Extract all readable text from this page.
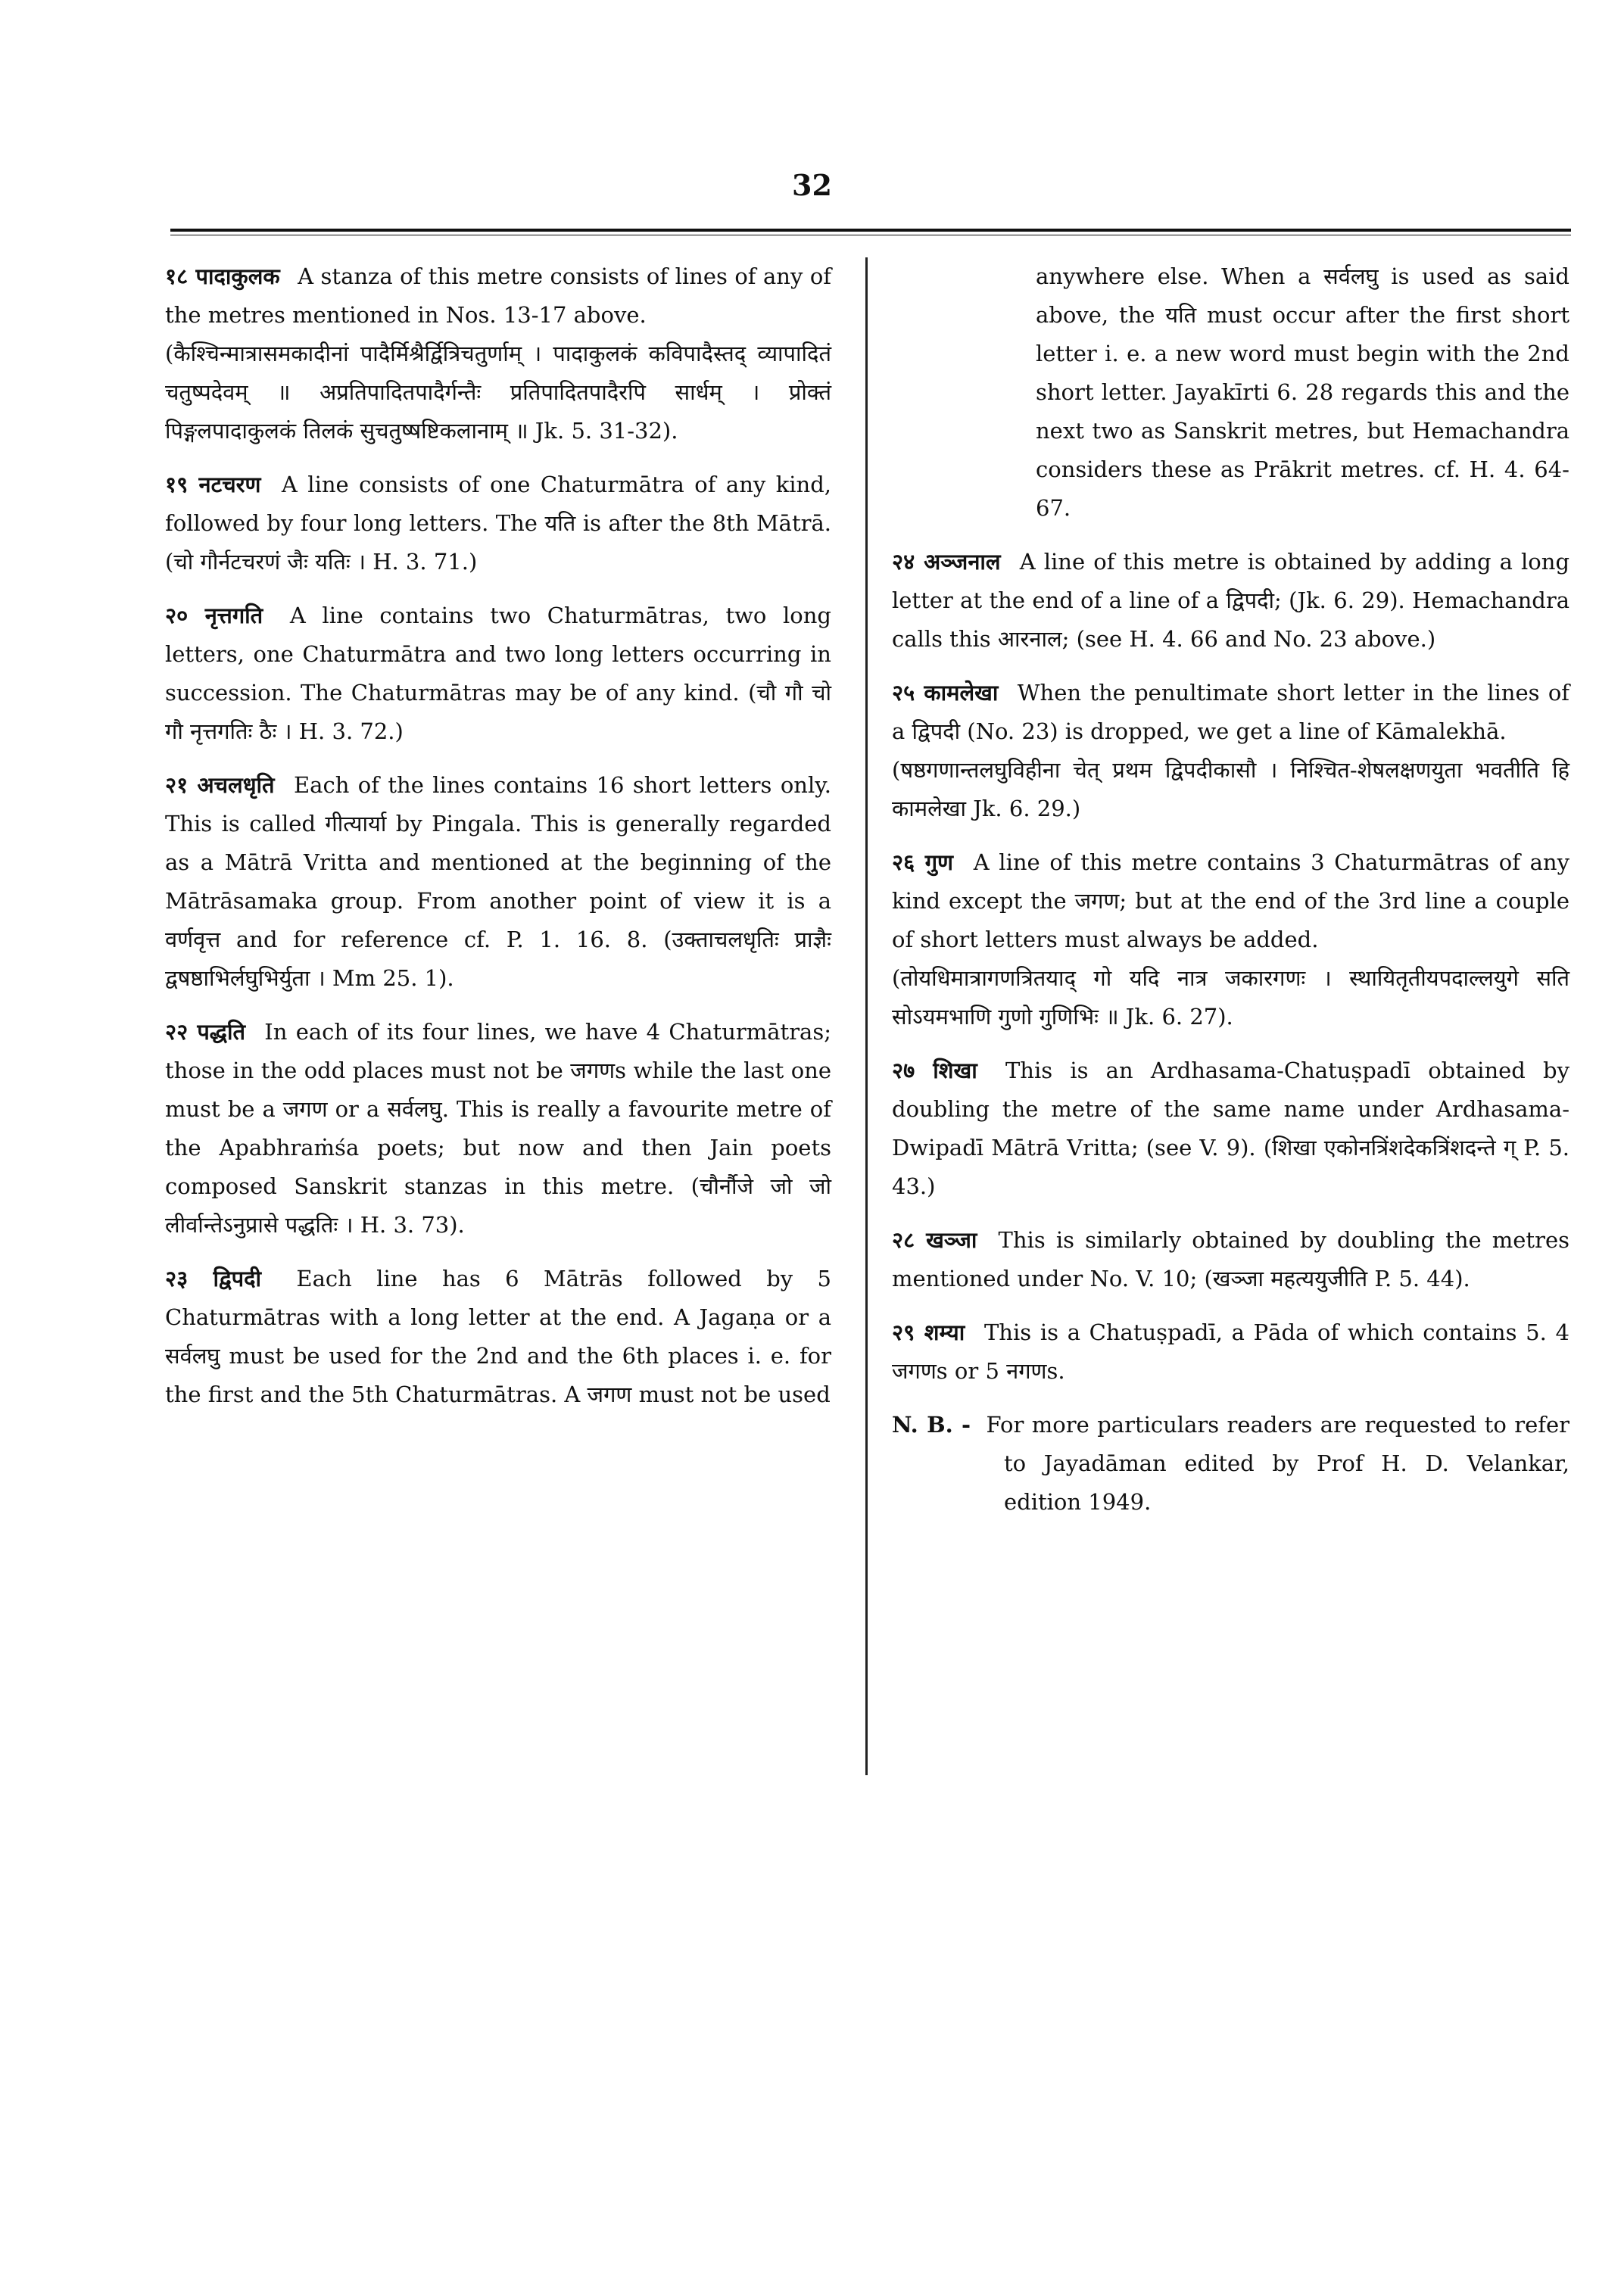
32
१८ पादाकुलक A stanza of this metre consists of lines of any of the metres mentioned in Nos. 13-17 above.
(कैश्चिन्मात्रासमकादीनां पादैर्मिश्रैर्द्वित्रिचतुर्णाम् । पादाकुलकं कविपादैस्तद् व्यापादितं चतुष्पदेवम् ॥ अप्रतिपादितपादैर्गन्तैः प्रतिपादितपादैरपि सार्धम् । प्रोक्तं पिङ्गलपादाकुलकं तिलकं सुचतुष्षष्टिकलानाम् ॥ Jk. 5. 31-32).
१९ नटचरण A line consists of one Chaturmātra of any kind, followed by four long letters. The यति is after the 8th Mātrā. (चो गौर्नटचरणं जैः यतिः । H. 3. 71.)
२० नृत्तगति A line contains two Chaturmātras, two long letters, one Chaturmātra and two long letters occurring in succession. The Chaturmātras may be of any kind. (चौ गौ चो गौ नृत्तगतिः ठैः । H. 3. 72.)
२१ अचलधृति Each of the lines contains 16 short letters only. This is called गीत्यार्या by Pingala. This is generally regarded as a Mātrā Vritta and mentioned at the beginning of the Mātrāsamaka group. From another point of view it is a वर्णवृत्त and for reference cf. P. 1. 16. 8. (उक्ताचलधृतिः प्राज्ञैः द्वषष्ठाभिर्लघुभिर्युता । Mm 25. 1).
२२ पद्धति In each of its four lines, we have 4 Chaturmātras; those in the odd places must not be जगणs while the last one must be a जगण or a सर्वलघु. This is really a favourite metre of the Apabhraṁśa poets; but now and then Jain poets composed Sanskrit stanzas in this metre. (चौर्नौजे जो जो लीर्वान्तेऽनुप्रासे पद्धतिः । H. 3. 73).
२३ द्विपदी Each line has 6 Mātrās followed by 5 Chaturmātras with a long letter at the end. A Jagaṇa or a सर्वलघु must be used for the 2nd and the 6th places i. e. for the first and the 5th Chaturmātras. A जगण must not be used
anywhere else. When a सर्वलघु is used as said above, the यति must occur after the first short letter i. e. a new word must begin with the 2nd short letter. Jayakīrti 6. 28 regards this and the next two as Sanskrit metres, but Hemachandra considers these as Prākrit metres. cf. H. 4. 64-67.
२४ अञ्जनाल A line of this metre is obtained by adding a long letter at the end of a line of a द्विपदी; (Jk. 6. 29). Hemachandra calls this आरनाल; (see H. 4. 66 and No. 23 above.)
२५ कामलेखा When the penultimate short letter in the lines of a द्विपदी (No. 23) is dropped, we get a line of Kāmalekhā.
(षष्ठगणान्तलघुविहीना चेत् प्रथम द्विपदीकासौ । निश्चित-शेषलक्षणयुता भवतीति हि कामलेखा Jk. 6. 29.)
२६ गुण A line of this metre contains 3 Chaturmātras of any kind except the जगण; but at the end of the 3rd line a couple of short letters must always be added.
(तोयधिमात्रागणत्रितयाद् गो यदि नात्र जकारगणः । स्थायितृतीयपदाल्लयुगे सति सोऽयमभाणि गुणो गुणिभिः ॥ Jk. 6. 27).
२७ शिखा This is an Ardhasama-Chatuṣpadī obtained by doubling the metre of the same name under Ardhasama-Dwipadī Mātrā Vritta; (see V. 9). (शिखा एकोनत्रिंशदेकत्रिंशदन्ते ग् P. 5. 43.)
२८ खञ्जा This is similarly obtained by doubling the metres mentioned under No. V. 10; (खञ्जा महत्ययुजीति P. 5. 44).
२९ शम्या This is a Chatuṣpadī, a Pāda of which contains 5. 4 जगणs or 5 नगणs.
N. B. - For more particulars readers are requested to refer to Jayadāman edited by Prof H. D. Velankar, edition 1949.
